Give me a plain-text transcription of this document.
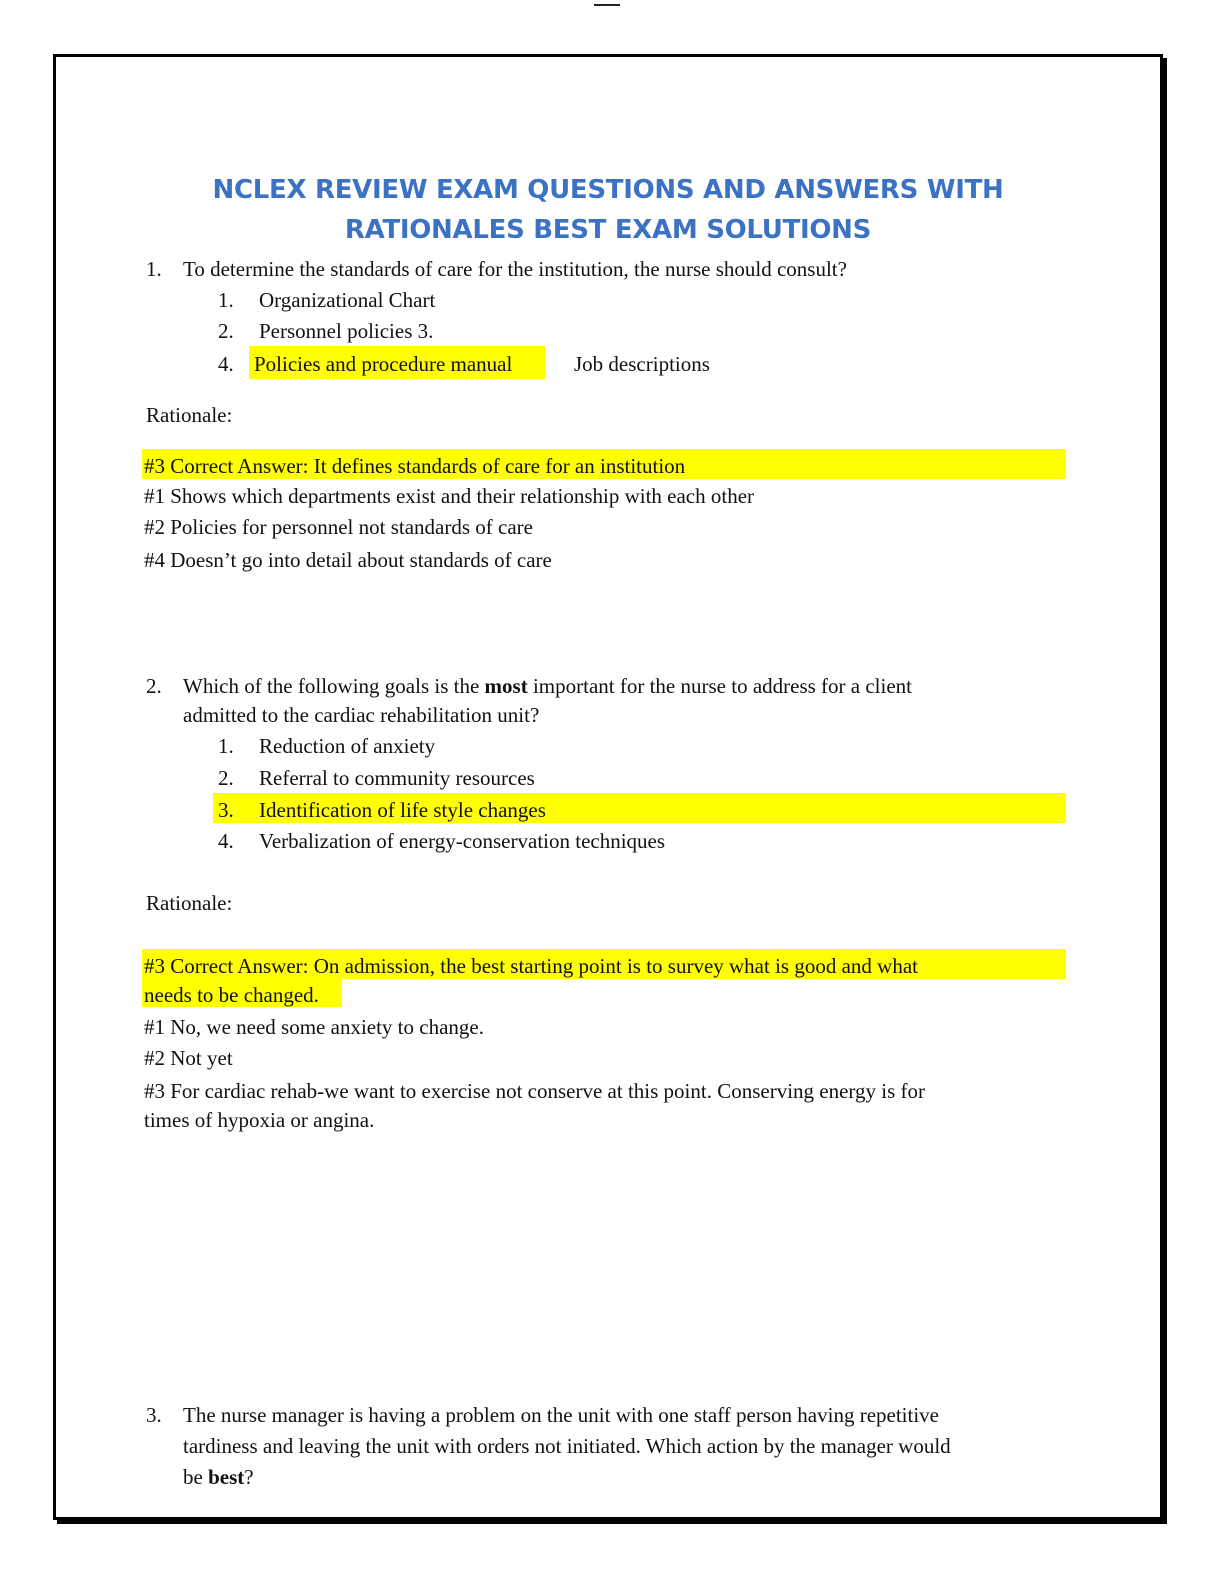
NCLEX REVIEW EXAM QUESTIONS AND ANSWERS WITH
RATIONALES BEST EXAM SOLUTIONS
1. To determine the standards of care for the institution, the nurse should consult?
1. Organizational Chart
2. Personnel policies 3.
4. Policies and procedure manual	Job descriptions
Rationale:
#3 Correct Answer: It defines standards of care for an institution
#1 Shows which departments exist and their relationship with each other
#2 Policies for personnel not standards of care
#4 Doesn’t go into detail about standards of care
2. Which of the following goals is the most important for the nurse to address for a client
admitted to the cardiac rehabilitation unit?
1. Reduction of anxiety
2. Referral to community resources
3. Identification of life style changes
4. Verbalization of energy-conservation techniques
Rationale:
#3 Correct Answer: On admission, the best starting point is to survey what is good and what
needs to be changed.
#1 No, we need some anxiety to change.
#2 Not yet
#3 For cardiac rehab-we want to exercise not conserve at this point. Conserving energy is for
times of hypoxia or angina.
3. The nurse manager is having a problem on the unit with one staff person having repetitive
tardiness and leaving the unit with orders not initiated. Which action by the manager would
be best?
